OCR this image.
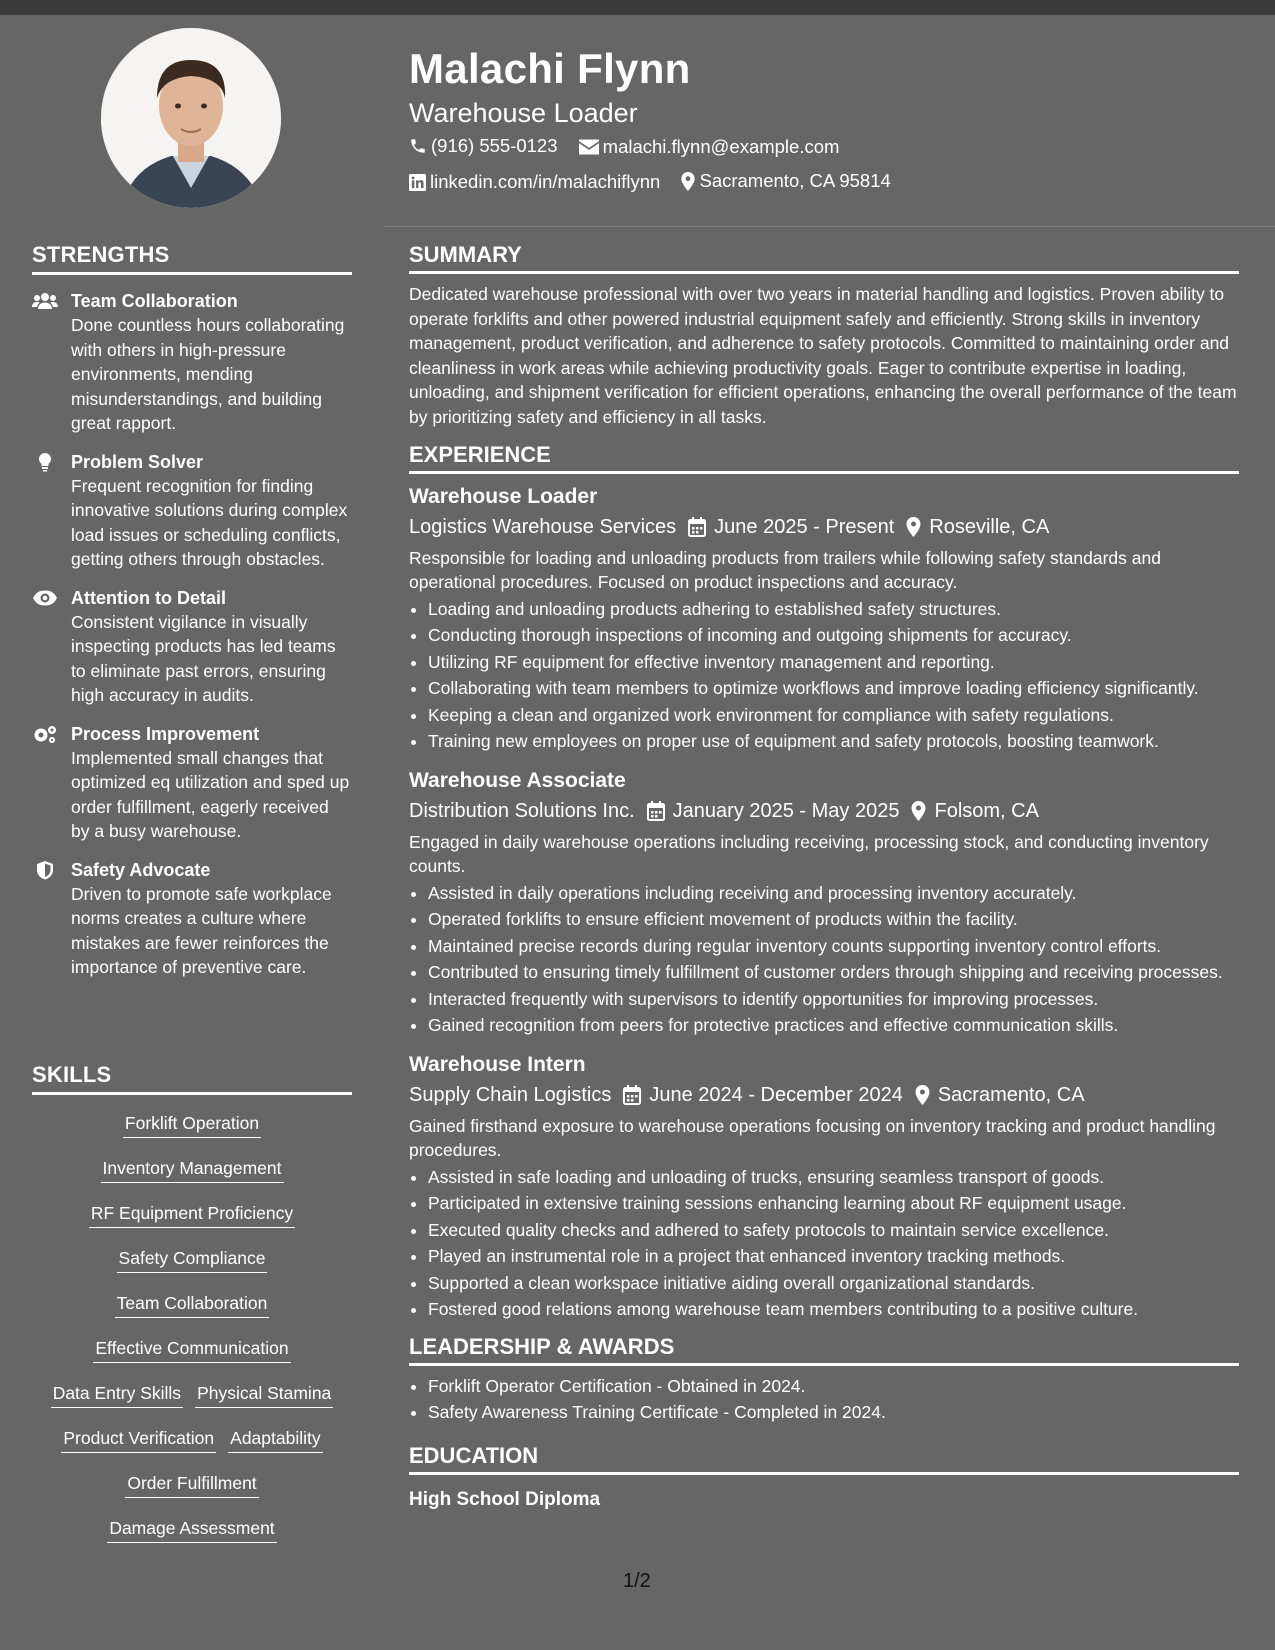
Malachi Flynn
Warehouse Loader
(916) 555-0123
malachi.flynn@example.com
linkedin.com/in/malachiflynn
Sacramento, CA 95814
STRENGTHS
Team Collaboration
Done countless hours collaborating with others in high-pressure environments, mending misunderstandings, and building great rapport.
Problem Solver
Frequent recognition for finding innovative solutions during complex load issues or scheduling conflicts, getting others through obstacles.
Attention to Detail
Consistent vigilance in visually inspecting products has led teams to eliminate past errors, ensuring high accuracy in audits.
Process Improvement
Implemented small changes that optimized eq utilization and sped up order fulfillment, eagerly received by a busy warehouse.
Safety Advocate
Driven to promote safe workplace norms creates a culture where mistakes are fewer reinforces the importance of preventive care.
SKILLS
Forklift Operation
Inventory Management
RF Equipment Proficiency
Safety Compliance
Team Collaboration
Effective Communication
Data Entry Skills Physical Stamina
Product Verification Adaptability
Order Fulfillment
Damage Assessment
SUMMARY
Dedicated warehouse professional with over two years in material handling and logistics. Proven ability to operate forklifts and other powered industrial equipment safely and efficiently. Strong skills in inventory management, product verification, and adherence to safety protocols. Committed to maintaining order and cleanliness in work areas while achieving productivity goals. Eager to contribute expertise in loading, unloading, and shipment verification for efficient operations, enhancing the overall performance of the team by prioritizing safety and efficiency in all tasks.
EXPERIENCE
Warehouse Loader
Logistics Warehouse Services June 2025 - Present Roseville, CA
Responsible for loading and unloading products from trailers while following safety standards and operational procedures. Focused on product inspections and accuracy.
• Loading and unloading products adhering to established safety structures.
• Conducting thorough inspections of incoming and outgoing shipments for accuracy.
• Utilizing RF equipment for effective inventory management and reporting.
• Collaborating with team members to optimize workflows and improve loading efficiency significantly.
• Keeping a clean and organized work environment for compliance with safety regulations.
• Training new employees on proper use of equipment and safety protocols, boosting teamwork.
Warehouse Associate
Distribution Solutions Inc. January 2025 - May 2025 Folsom, CA
Engaged in daily warehouse operations including receiving, processing stock, and conducting inventory counts.
• Assisted in daily operations including receiving and processing inventory accurately.
• Operated forklifts to ensure efficient movement of products within the facility.
• Maintained precise records during regular inventory counts supporting inventory control efforts.
• Contributed to ensuring timely fulfillment of customer orders through shipping and receiving processes.
• Interacted frequently with supervisors to identify opportunities for improving processes.
• Gained recognition from peers for protective practices and effective communication skills.
Warehouse Intern
Supply Chain Logistics June 2024 - December 2024 Sacramento, CA
Gained firsthand exposure to warehouse operations focusing on inventory tracking and product handling procedures.
• Assisted in safe loading and unloading of trucks, ensuring seamless transport of goods.
• Participated in extensive training sessions enhancing learning about RF equipment usage.
• Executed quality checks and adhered to safety protocols to maintain service excellence.
• Played an instrumental role in a project that enhanced inventory tracking methods.
• Supported a clean workspace initiative aiding overall organizational standards.
• Fostered good relations among warehouse team members contributing to a positive culture.
LEADERSHIP & AWARDS
• Forklift Operator Certification - Obtained in 2024.
• Safety Awareness Training Certificate - Completed in 2024.
EDUCATION
High School Diploma
1/2
